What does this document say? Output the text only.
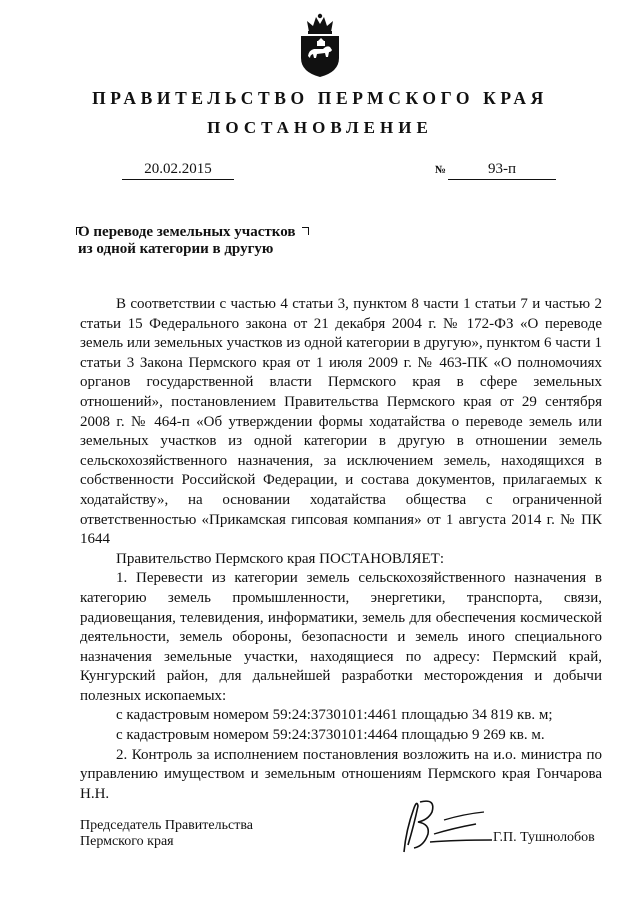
ПРАВИТЕЛЬСТВО ПЕРМСКОГО КРАЯ
ПОСТАНОВЛЕНИЕ
20.02.2015	№	93-п
О переводе земельных участков
из одной категории в другую

В соответствии с частью 4 статьи 3, пунктом 8 части 1 статьи 7 и частью 2 статьи 15 Федерального закона от 21 декабря 2004 г. № 172-ФЗ «О переводе земель или земельных участков из одной категории в другую», пунктом 6 части 1 статьи 3 Закона Пермского края от 1 июля 2009 г. № 463-ПК «О полномочиях органов государственной власти Пермского края в сфере земельных отношений», постановлением Правительства Пермского края от 29 сентября 2008 г. № 464-п «Об утверждении формы ходатайства о переводе земель или земельных участков из одной категории в другую в отношении земель сельскохозяйственного назначения, за исключением земель, находящихся в собственности Российской Федерации, и состава документов, прилагаемых к ходатайству», на основании ходатайства общества с ограниченной ответственностью «Прикамская гипсовая компания» от 1 августа 2014 г. № ПК 1644

Правительство Пермского края ПОСТАНОВЛЯЕТ:

1. Перевести из категории земель сельскохозяйственного назначения в категорию земель промышленности, энергетики, транспорта, связи, радиовещания, телевидения, информатики, земель для обеспечения космической деятельности, земель обороны, безопасности и земель иного специального назначения земельные участки, находящиеся по адресу: Пермский край, Кунгурский район, для дальнейшей разработки месторождения и добычи полезных ископаемых:

с кадастровым номером 59:24:3730101:4461 площадью 34 819 кв. м;

с кадастровым номером 59:24:3730101:4464 площадью 9 269 кв. м.

2. Контроль за исполнением постановления возложить на и.о. министра по управлению имуществом и земельным отношениям Пермского края Гончарова Н.Н.

Председатель Правительства
Пермского края	Г.П. Тушнолобов
